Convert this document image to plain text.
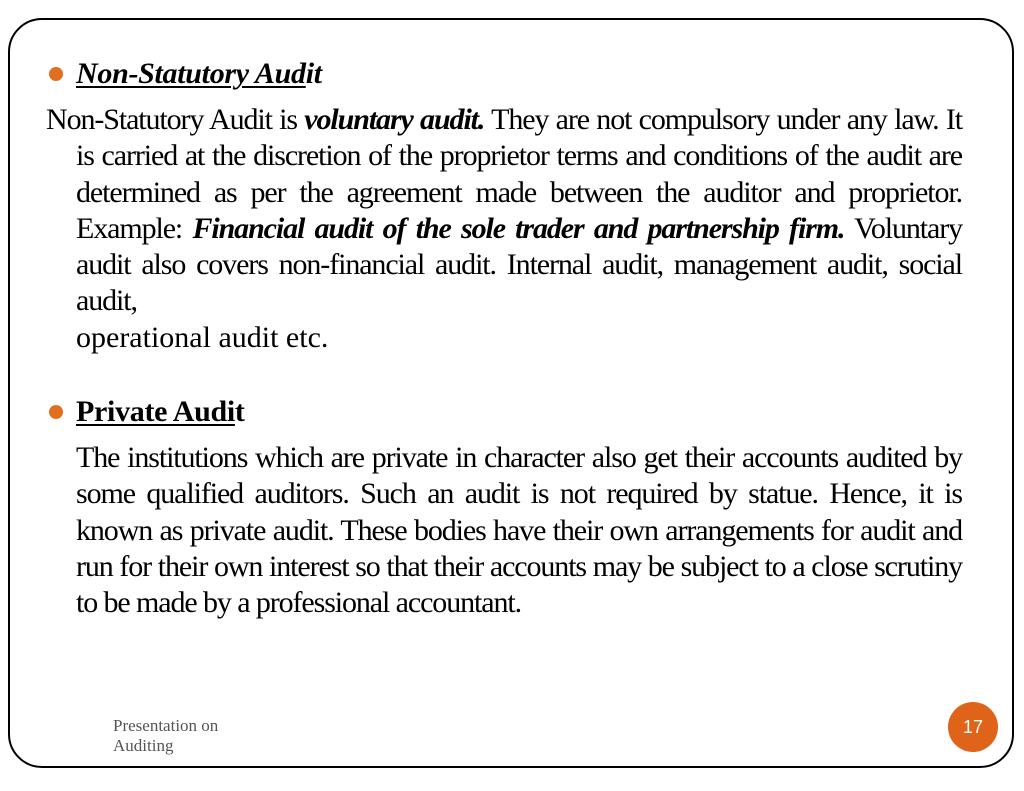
Non-Statutory Audit
Non-Statutory Audit is voluntary audit. They are not compulsory under any law. It is carried at the discretion of the proprietor terms and conditions of the audit are determined as per the agreement made between the auditor and proprietor. Example: Financial audit of the sole trader and partnership firm. Voluntary audit also covers non-financial audit. Internal audit, management audit, social audit,
operational audit etc.
Private Audit
The institutions which are private in character also get their accounts audited by some qualified auditors. Such an audit is not required by statue. Hence, it is known as private audit. These bodies have their own arrangements for audit and run for their own interest so that their accounts may be subject to a close scrutiny to be made by a professional accountant.
Presentation on
Auditing
17
